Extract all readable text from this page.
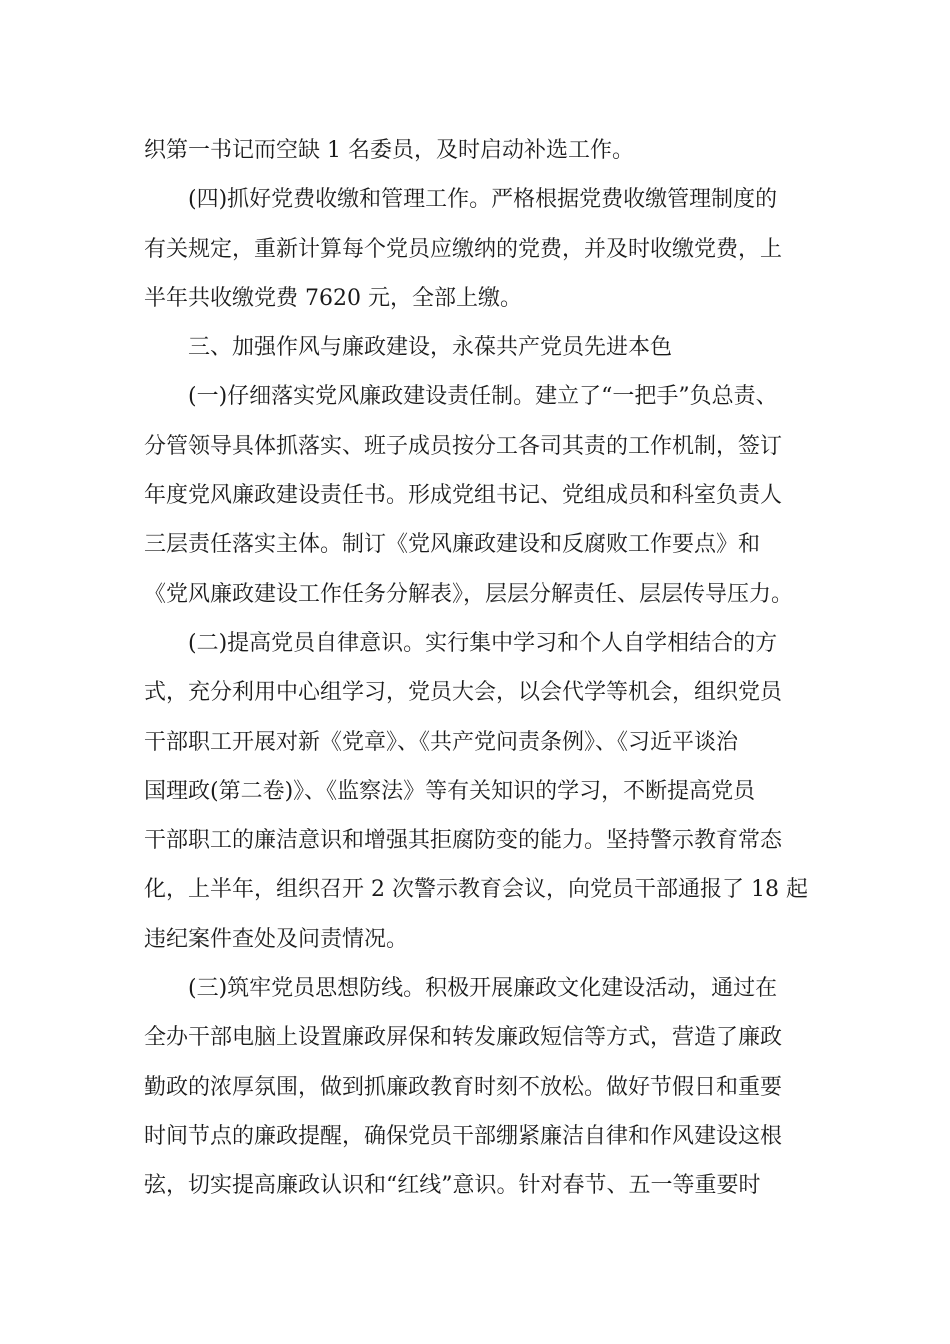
织第一书记而空缺 1 名委员，及时启动补选工作。
(四)抓好党费收缴和管理工作。严格根据党费收缴管理制度的
有关规定，重新计算每个党员应缴纳的党费，并及时收缴党费，上
半年共收缴党费 7620 元，全部上缴。
三、加强作风与廉政建设，永葆共产党员先进本色
(一)仔细落实党风廉政建设责任制。建立了“一把手”负总责、
分管领导具体抓落实、班子成员按分工各司其责的工作机制，签订
年度党风廉政建设责任书。形成党组书记、党组成员和科室负责人
三层责任落实主体。制订《党风廉政建设和反腐败工作要点》和
《党风廉政建设工作任务分解表》，层层分解责任、层层传导压力。
(二)提高党员自律意识。实行集中学习和个人自学相结合的方
式，充分利用中心组学习，党员大会，以会代学等机会，组织党员
干部职工开展对新《党章》、《共产党问责条例》、《习近平谈治
国理政(第二卷)》、《监察法》等有关知识的学习，不断提高党员
干部职工的廉洁意识和增强其拒腐防变的能力。坚持警示教育常态
化，上半年，组织召开 2 次警示教育会议，向党员干部通报了 18 起
违纪案件查处及问责情况。
(三)筑牢党员思想防线。积极开展廉政文化建设活动，通过在
全办干部电脑上设置廉政屏保和转发廉政短信等方式，营造了廉政
勤政的浓厚氛围，做到抓廉政教育时刻不放松。做好节假日和重要
时间节点的廉政提醒，确保党员干部绷紧廉洁自律和作风建设这根
弦，切实提高廉政认识和“红线”意识。针对春节、五一等重要时
